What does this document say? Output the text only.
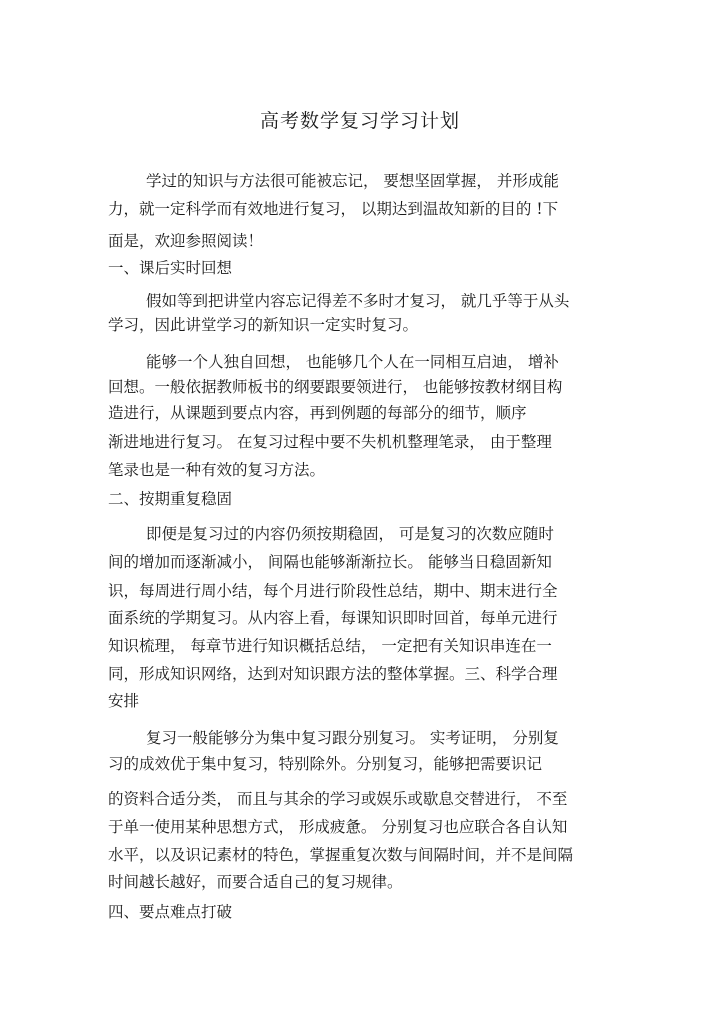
高考数学复习学习计划
学过的知识与方法很可能被忘记， 要想坚固掌握， 并形成能
力，就一定科学而有效地进行复习， 以期达到温故知新的目的 !下
面是，欢迎参照阅读！
一、课后实时回想
假如等到把讲堂内容忘记得差不多时才复习， 就几乎等于从头
学习，因此讲堂学习的新知识一定实时复习。
能够一个人独自回想， 也能够几个人在一同相互启迪， 增补
回想。一般依据教师板书的纲要跟要领进行， 也能够按教材纲目构
造进行，从课题到要点内容，再到例题的每部分的细节，顺序
渐进地进行复习。 在复习过程中要不失机机整理笔录， 由于整理
笔录也是一种有效的复习方法。
二、按期重复稳固
即便是复习过的内容仍须按期稳固， 可是复习的次数应随时
间的增加而逐渐减小， 间隔也能够渐渐拉长。 能够当日稳固新知
识，每周进行周小结，每个月进行阶段性总结，期中、期末进行全
面系统的学期复习。从内容上看，每课知识即时回首，每单元进行
知识梳理， 每章节进行知识概括总结， 一定把有关知识串连在一
同，形成知识网络，达到对知识跟方法的整体掌握。三、科学合理
安排
复习一般能够分为集中复习跟分别复习。 实考证明， 分别复
习的成效优于集中复习，特别除外。分别复习，能够把需要识记
的资料合适分类， 而且与其余的学习或娱乐或歇息交替进行， 不至
于单一使用某种思想方式， 形成疲惫。 分别复习也应联合各自认知
水平，以及识记素材的特色，掌握重复次数与间隔时间，并不是间隔
时间越长越好，而要合适自己的复习规律。
四、要点难点打破
